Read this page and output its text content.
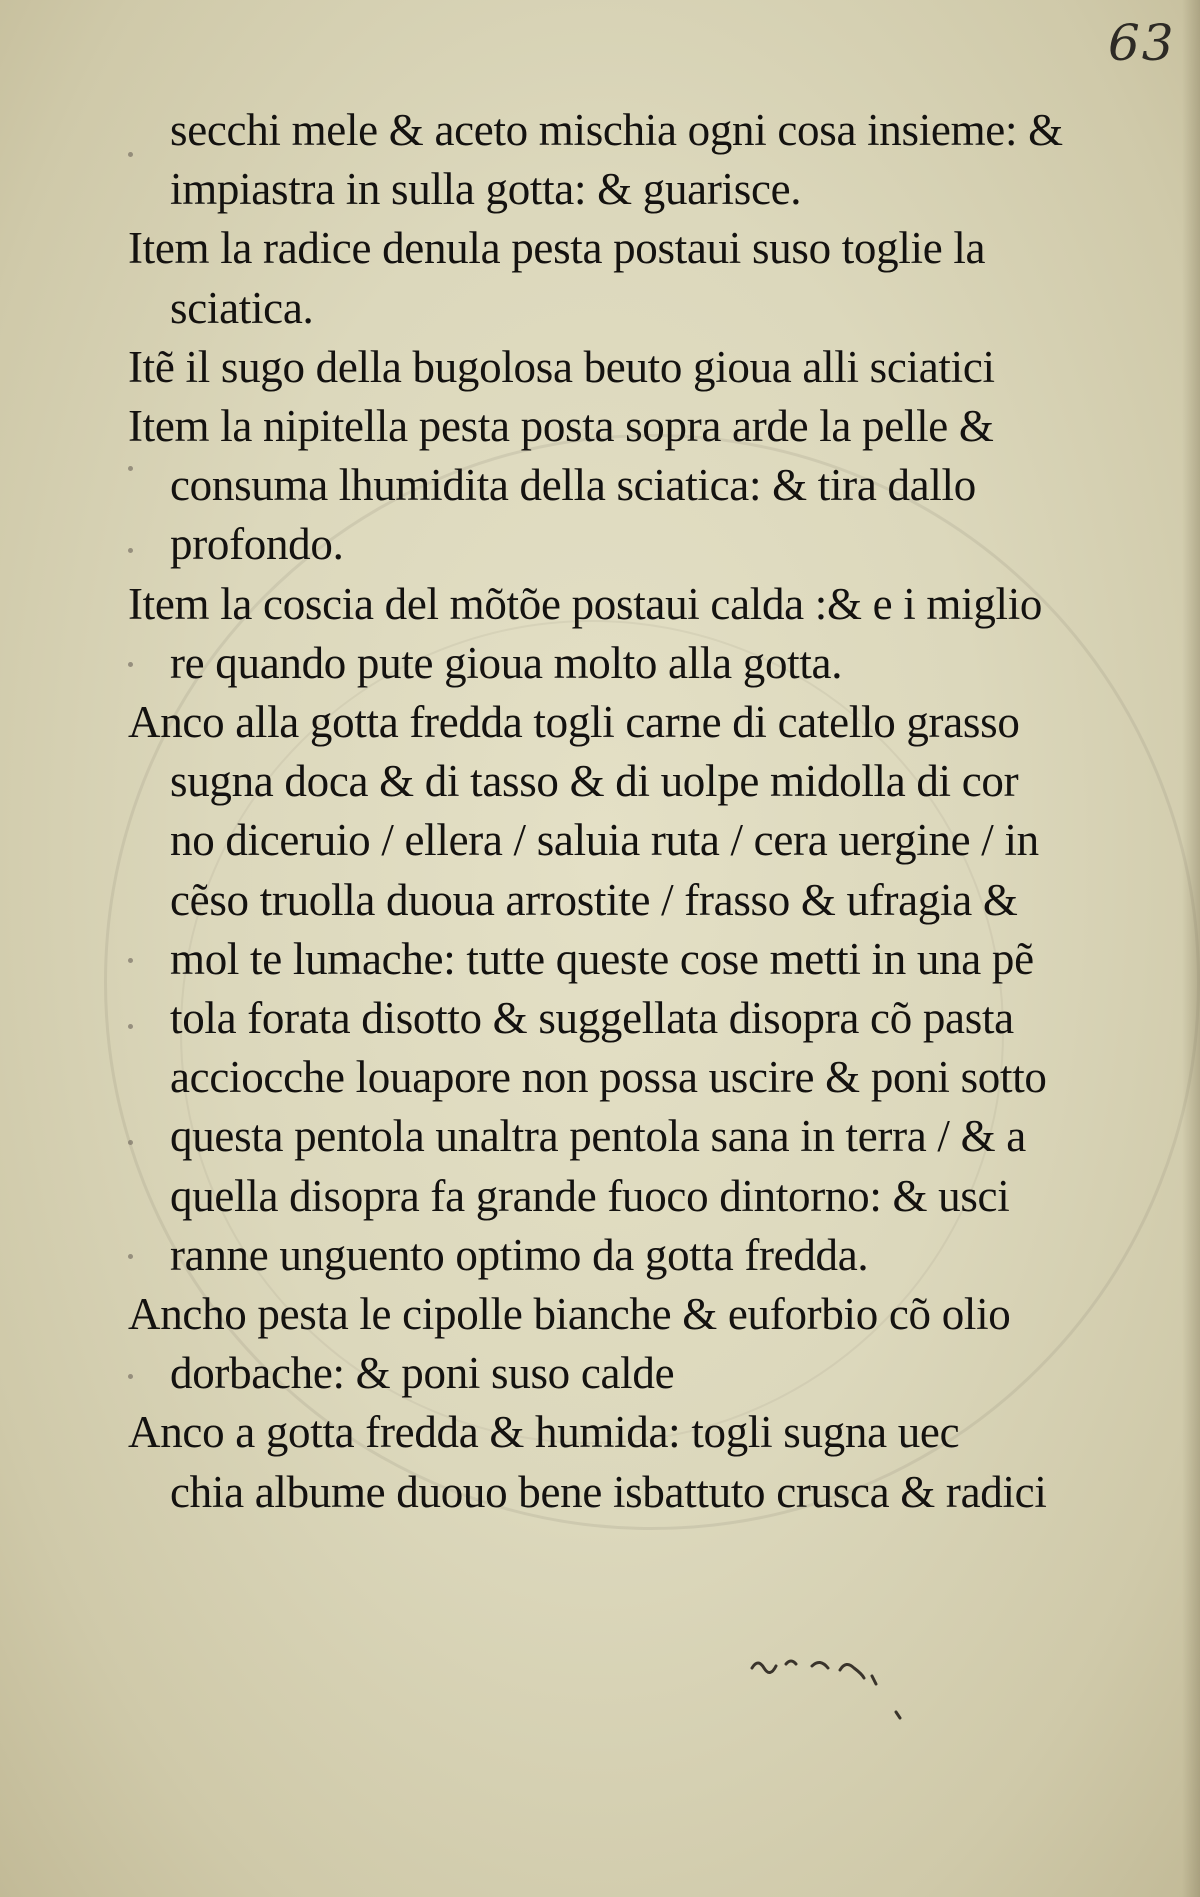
63
secchi mele & aceto mischia ogni cosa insieme: &
impiastra in sulla gotta: & guarisce.
Item la radice denula pesta postaui suso toglie la
sciatica.
Itẽ il sugo della bugolosa beuto gioua alli sciatici
Item la nipitella pesta posta sopra arde la pelle &
consuma lhumidita della sciatica: & tira dallo
profondo.
Item la coscia del mõtõe postaui calda :& e i miglio
re quando pute gioua molto alla gotta.
Anco alla gotta fredda togli carne di catello grasso
sugna doca & di tasso & di uolpe midolla di cor
no diceruio / ellera / saluia ruta / cera uergine / in
cẽso truolla duoua arrostite / frasso & ufragia &
mol te lumache: tutte queste cose metti in una pẽ
tola forata disotto & suggellata disopra cõ pasta
acciocche louapore non possa uscire & poni sotto
questa pentola unaltra pentola sana in terra / & a
quella disopra fa grande fuoco dintorno: & usci
ranne unguento optimo da gotta fredda.
Ancho pesta le cipolle bianche & euforbio cõ olio
dorbache: & poni suso calde
Anco a gotta fredda & humida: togli sugna uec
chia albume duouo bene isbattuto crusca & radici
